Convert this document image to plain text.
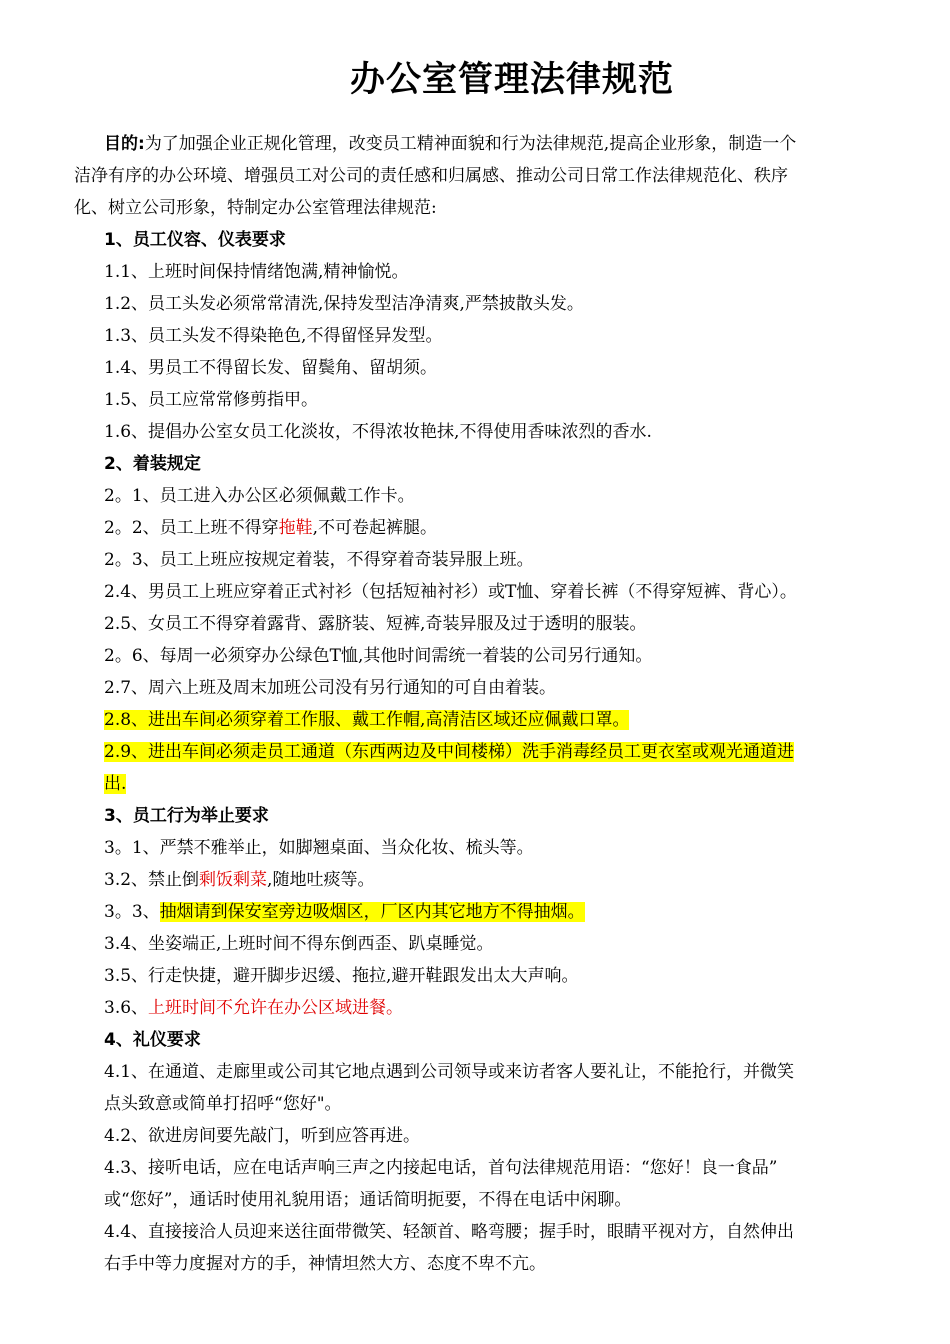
办公室管理法律规范
目的:为了加强企业正规化管理，改变员工精神面貌和行为法律规范,提高企业形象，制造一个
洁净有序的办公环境、增强员工对公司的责任感和归属感、推动公司日常工作法律规范化、秩序
化、树立公司形象，特制定办公室管理法律规范:
1、员工仪容、仪表要求
1.1、上班时间保持情绪饱满,精神愉悦。
1.2、员工头发必须常常清洗,保持发型洁净清爽,严禁披散头发。
1.3、员工头发不得染艳色,不得留怪异发型。
1.4、男员工不得留长发、留鬓角、留胡须。
1.5、员工应常常修剪指甲。
1.6、提倡办公室女员工化淡妆，不得浓妆艳抹,不得使用香味浓烈的香水.
2、着装规定
2。1、员工进入办公区必须佩戴工作卡。
2。2、员工上班不得穿拖鞋,不可卷起裤腿。
2。3、员工上班应按规定着装，不得穿着奇装异服上班。
2.4、男员工上班应穿着正式衬衫（包括短袖衬衫）或T恤、穿着长裤（不得穿短裤、背心）。
2.5、女员工不得穿着露背、露脐装、短裤,奇装异服及过于透明的服装。
2。6、每周一必须穿办公绿色T恤,其他时间需统一着装的公司另行通知。
2.7、周六上班及周末加班公司没有另行通知的可自由着装。
2.8、进出车间必须穿着工作服、戴工作帽,高清洁区域还应佩戴口罩。
2.9、进出车间必须走员工通道（东西两边及中间楼梯）洗手消毒经员工更衣室或观光通道进
出.
3、员工行为举止要求
3。1、严禁不雅举止，如脚翘桌面、当众化妆、梳头等。
3.2、禁止倒剩饭剩菜,随地吐痰等。
3。3、抽烟请到保安室旁边吸烟区，厂区内其它地方不得抽烟。
3.4、坐姿端正,上班时间不得东倒西歪、趴桌睡觉。
3.5、行走快捷，避开脚步迟缓、拖拉,避开鞋跟发出太大声响。
3.6、上班时间不允许在办公区域进餐。
4、礼仪要求
4.1、在通道、走廊里或公司其它地点遇到公司领导或来访者客人要礼让，不能抢行，并微笑
点头致意或简单打招呼“您好"。
4.2、欲进房间要先敲门，听到应答再进。
4.3、接听电话，应在电话声响三声之内接起电话，首句法律规范用语：“您好！良一食品”
或“您好”，通话时使用礼貌用语；通话简明扼要，不得在电话中闲聊。
4.4、直接接洽人员迎来送往面带微笑、轻颔首、略弯腰；握手时，眼睛平视对方，自然伸出
右手中等力度握对方的手，神情坦然大方、态度不卑不亢。
